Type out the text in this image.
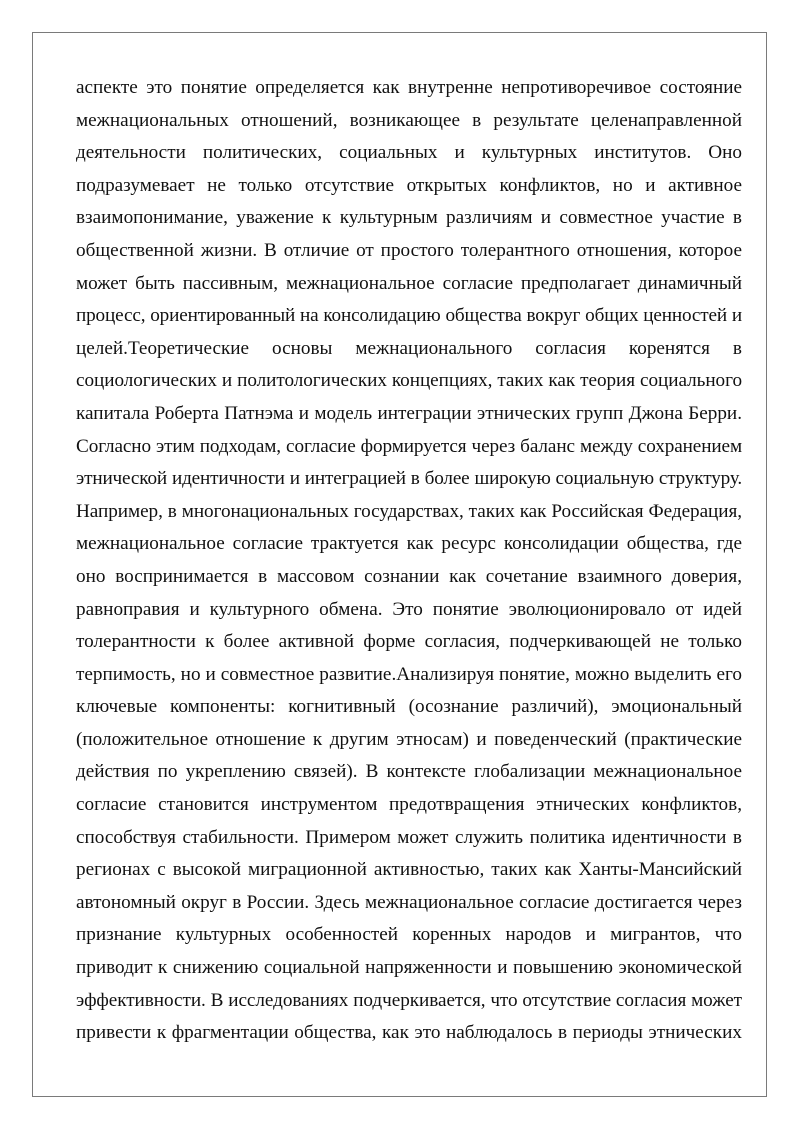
аспекте это понятие определяется как внутренне непротиворечивое состояние
межнациональных отношений, возникающее в результате целенаправленной
деятельности политических, социальных и культурных институтов. Оно
подразумевает не только отсутствие открытых конфликтов, но и активное
взаимопонимание, уважение к культурным различиям и совместное участие в
общественной жизни. В отличие от простого толерантного отношения, которое
может быть пассивным, межнациональное согласие предполагает динамичный
процесс, ориентированный на консолидацию общества вокруг общих ценностей и
целей.Теоретические основы межнационального согласия коренятся в
социологических и политологических концепциях, таких как теория социального
капитала Роберта Патнэма и модель интеграции этнических групп Джона Берри.
Согласно этим подходам, согласие формируется через баланс между сохранением
этнической идентичности и интеграцией в более широкую социальную структуру.
Например, в многонациональных государствах, таких как Российская Федерация,
межнациональное согласие трактуется как ресурс консолидации общества, где
оно воспринимается в массовом сознании как сочетание взаимного доверия,
равноправия и культурного обмена. Это понятие эволюционировало от идей
толерантности к более активной форме согласия, подчеркивающей не только
терпимость, но и совместное развитие.Анализируя понятие, можно выделить его
ключевые компоненты: когнитивный (осознание различий), эмоциональный
(положительное отношение к другим этносам) и поведенческий (практические
действия по укреплению связей). В контексте глобализации межнациональное
согласие становится инструментом предотвращения этнических конфликтов,
способствуя стабильности. Примером может служить политика идентичности в
регионах с высокой миграционной активностью, таких как Ханты-Мансийский
автономный округ в России. Здесь межнациональное согласие достигается через
признание культурных особенностей коренных народов и мигрантов, что
приводит к снижению социальной напряженности и повышению экономической
эффективности. В исследованиях подчеркивается, что отсутствие согласия может
привести к фрагментации общества, как это наблюдалось в периоды этнических
